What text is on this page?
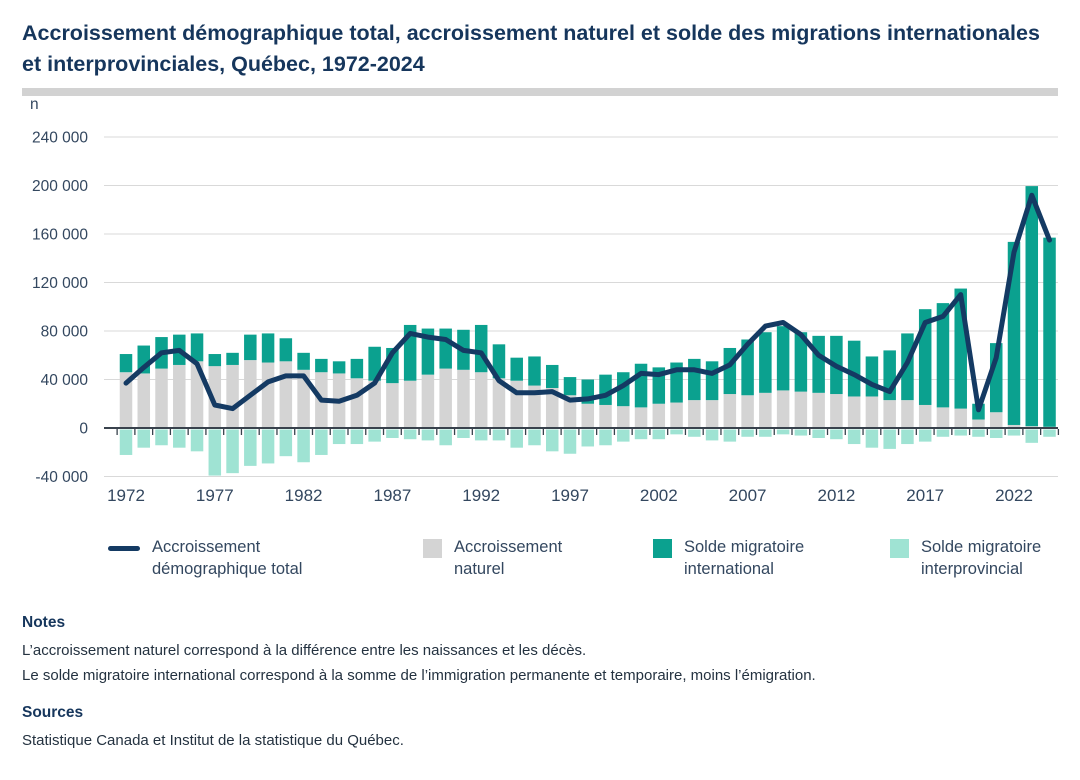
Accroissement démographique total, accroissement naturel et solde des migrations internationales
et interprovinciales, Québec, 1972-2024
240 000
200 000
160 000
120 000
80 000
40 000
0
-40 000
n
1972	1977	1982	1987	1992	1997	2002	2007	2012	2017	2022
Accroissement
démographique total
Accroissement
naturel
Solde migratoire
international
Solde migratoire
interprovincial
Notes
L’accroissement naturel correspond à la différence entre les naissances et les décès.
Le solde migratoire international correspond à la somme de l’immigration permanente et temporaire, moins l’émigration.
Sources
Statistique Canada et Institut de la statistique du Québec.
